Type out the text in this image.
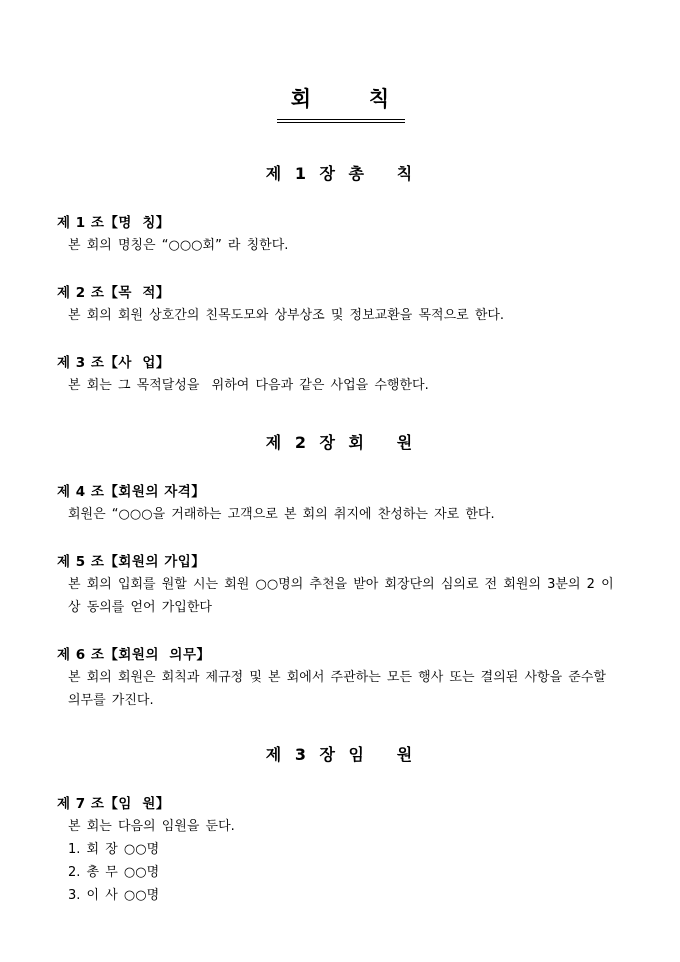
회      칙
제 1 장 총   칙
제 1 조【명  칭】

본 회의 명칭은 “○○○회” 라 칭한다.

제 2 조【목  적】

본 회의 회원 상호간의 친목도모와 상부상조 및 정보교환을 목적으로 한다.

제 3 조【사  업】

본 회는 그 목적달성을  위하여 다음과 같은 사업을 수행한다.

제 2 장 회   원
제 4 조【회원의 자격】

회원은 “○○○을 거래하는 고객으로 본 회의 취지에 찬성하는 자로 한다.

제 5 조【회원의 가입】

본 회의 입회를 원할 시는 회원 ○○명의 추천을 받아 회장단의 심의로 전 회원의 3분의 2 이

상 동의를 얻어 가입한다

제 6 조【회원의  의무】

본 회의 회원은 회칙과 제규정 및 본 회에서 주관하는 모든 행사 또는 결의된 사항을 준수할

의무를 가진다.

제 3 장 임   원
제 7 조【임  원】

본 회는 다음의 임원을 둔다.

1. 회 장 ○○명

2. 총 무 ○○명

3. 이 사 ○○명
